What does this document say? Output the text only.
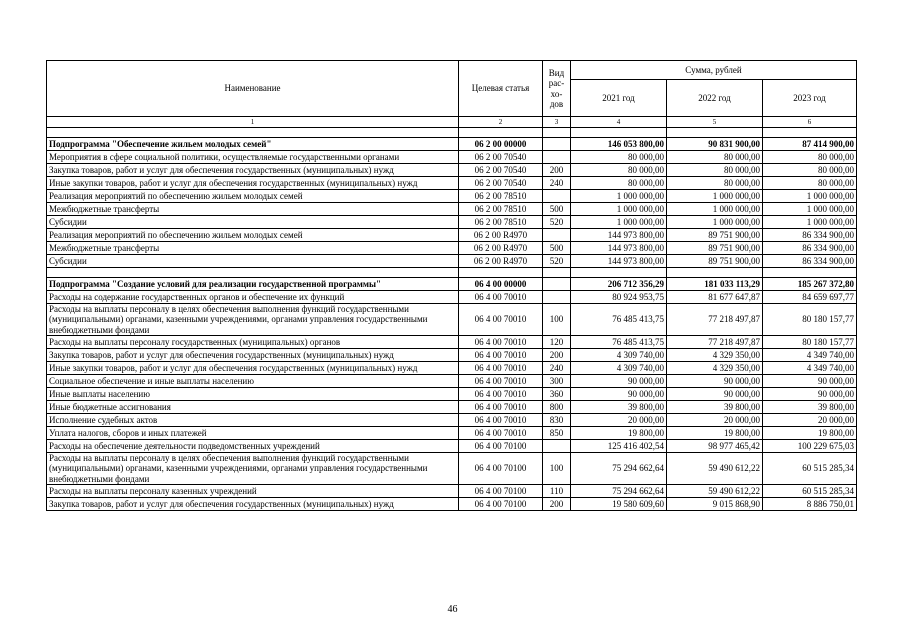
Наименование	Целевая статья	Вид рас- хо- дов	Сумма, рублей		
			2021 год	2022 год	2023 год
1	2	3	4	5	6

Подпрограмма "Обеспечение жильем молодых семей"	06 2 00 00000		146 053 800,00	90 831 900,00	87 414 900,00
Мероприятия в сфере социальной политики, осуществляемые государственными органами	06 2 00 70540		80 000,00	80 000,00	80 000,00
Закупка товаров, работ и услуг для обеспечения государственных (муниципальных) нужд	06 2 00 70540	200	80 000,00	80 000,00	80 000,00
Иные закупки товаров, работ и услуг для обеспечения государственных (муниципальных) нужд	06 2 00 70540	240	80 000,00	80 000,00	80 000,00
Реализация мероприятий по обеспечению жильем молодых семей	06 2 00 78510		1 000 000,00	1 000 000,00	1 000 000,00
Межбюджетные трансферты	06 2 00 78510	500	1 000 000,00	1 000 000,00	1 000 000,00
Субсидии	06 2 00 78510	520	1 000 000,00	1 000 000,00	1 000 000,00
Реализация мероприятий по обеспечению жильем молодых семей	06 2 00 R4970		144 973 800,00	89 751 900,00	86 334 900,00
Межбюджетные трансферты	06 2 00 R4970	500	144 973 800,00	89 751 900,00	86 334 900,00
Субсидии	06 2 00 R4970	520	144 973 800,00	89 751 900,00	86 334 900,00

Подпрограмма "Создание условий для реализации государственной программы"	06 4 00 00000		206 712 356,29	181 033 113,29	185 267 372,80
Расходы на содержание государственных органов и обеспечение их функций	06 4 00 70010		80 924 953,75	81 677 647,87	84 659 697,77
Расходы на выплаты персоналу в целях обеспечения выполнения функций государственными (муниципальными) органами, казенными учреждениями, органами управления государственными внебюджетными фондами	06 4 00 70010	100	76 485 413,75	77 218 497,87	80 180 157,77
Расходы на выплаты персоналу государственных (муниципальных) органов	06 4 00 70010	120	76 485 413,75	77 218 497,87	80 180 157,77
Закупка товаров, работ и услуг для обеспечения государственных (муниципальных) нужд	06 4 00 70010	200	4 309 740,00	4 329 350,00	4 349 740,00
Иные закупки товаров, работ и услуг для обеспечения государственных (муниципальных) нужд	06 4 00 70010	240	4 309 740,00	4 329 350,00	4 349 740,00
Социальное обеспечение и иные выплаты населению	06 4 00 70010	300	90 000,00	90 000,00	90 000,00
Иные выплаты населению	06 4 00 70010	360	90 000,00	90 000,00	90 000,00
Иные бюджетные ассигнования	06 4 00 70010	800	39 800,00	39 800,00	39 800,00
Исполнение судебных актов	06 4 00 70010	830	20 000,00	20 000,00	20 000,00
Уплата налогов, сборов и иных платежей	06 4 00 70010	850	19 800,00	19 800,00	19 800,00
Расходы на обеспечение деятельности подведомственных учреждений	06 4 00 70100		125 416 402,54	98 977 465,42	100 229 675,03
Расходы на выплаты персоналу в целях обеспечения выполнения функций государственными (муниципальными) органами, казенными учреждениями, органами управления государственными внебюджетными фондами	06 4 00 70100	100	75 294 662,64	59 490 612,22	60 515 285,34
Расходы на выплаты персоналу казенных учреждений	06 4 00 70100	110	75 294 662,64	59 490 612,22	60 515 285,34
Закупка товаров, работ и услуг для обеспечения государственных (муниципальных) нужд	06 4 00 70100	200	19 580 609,60	9 015 868,90	8 886 750,01
46
